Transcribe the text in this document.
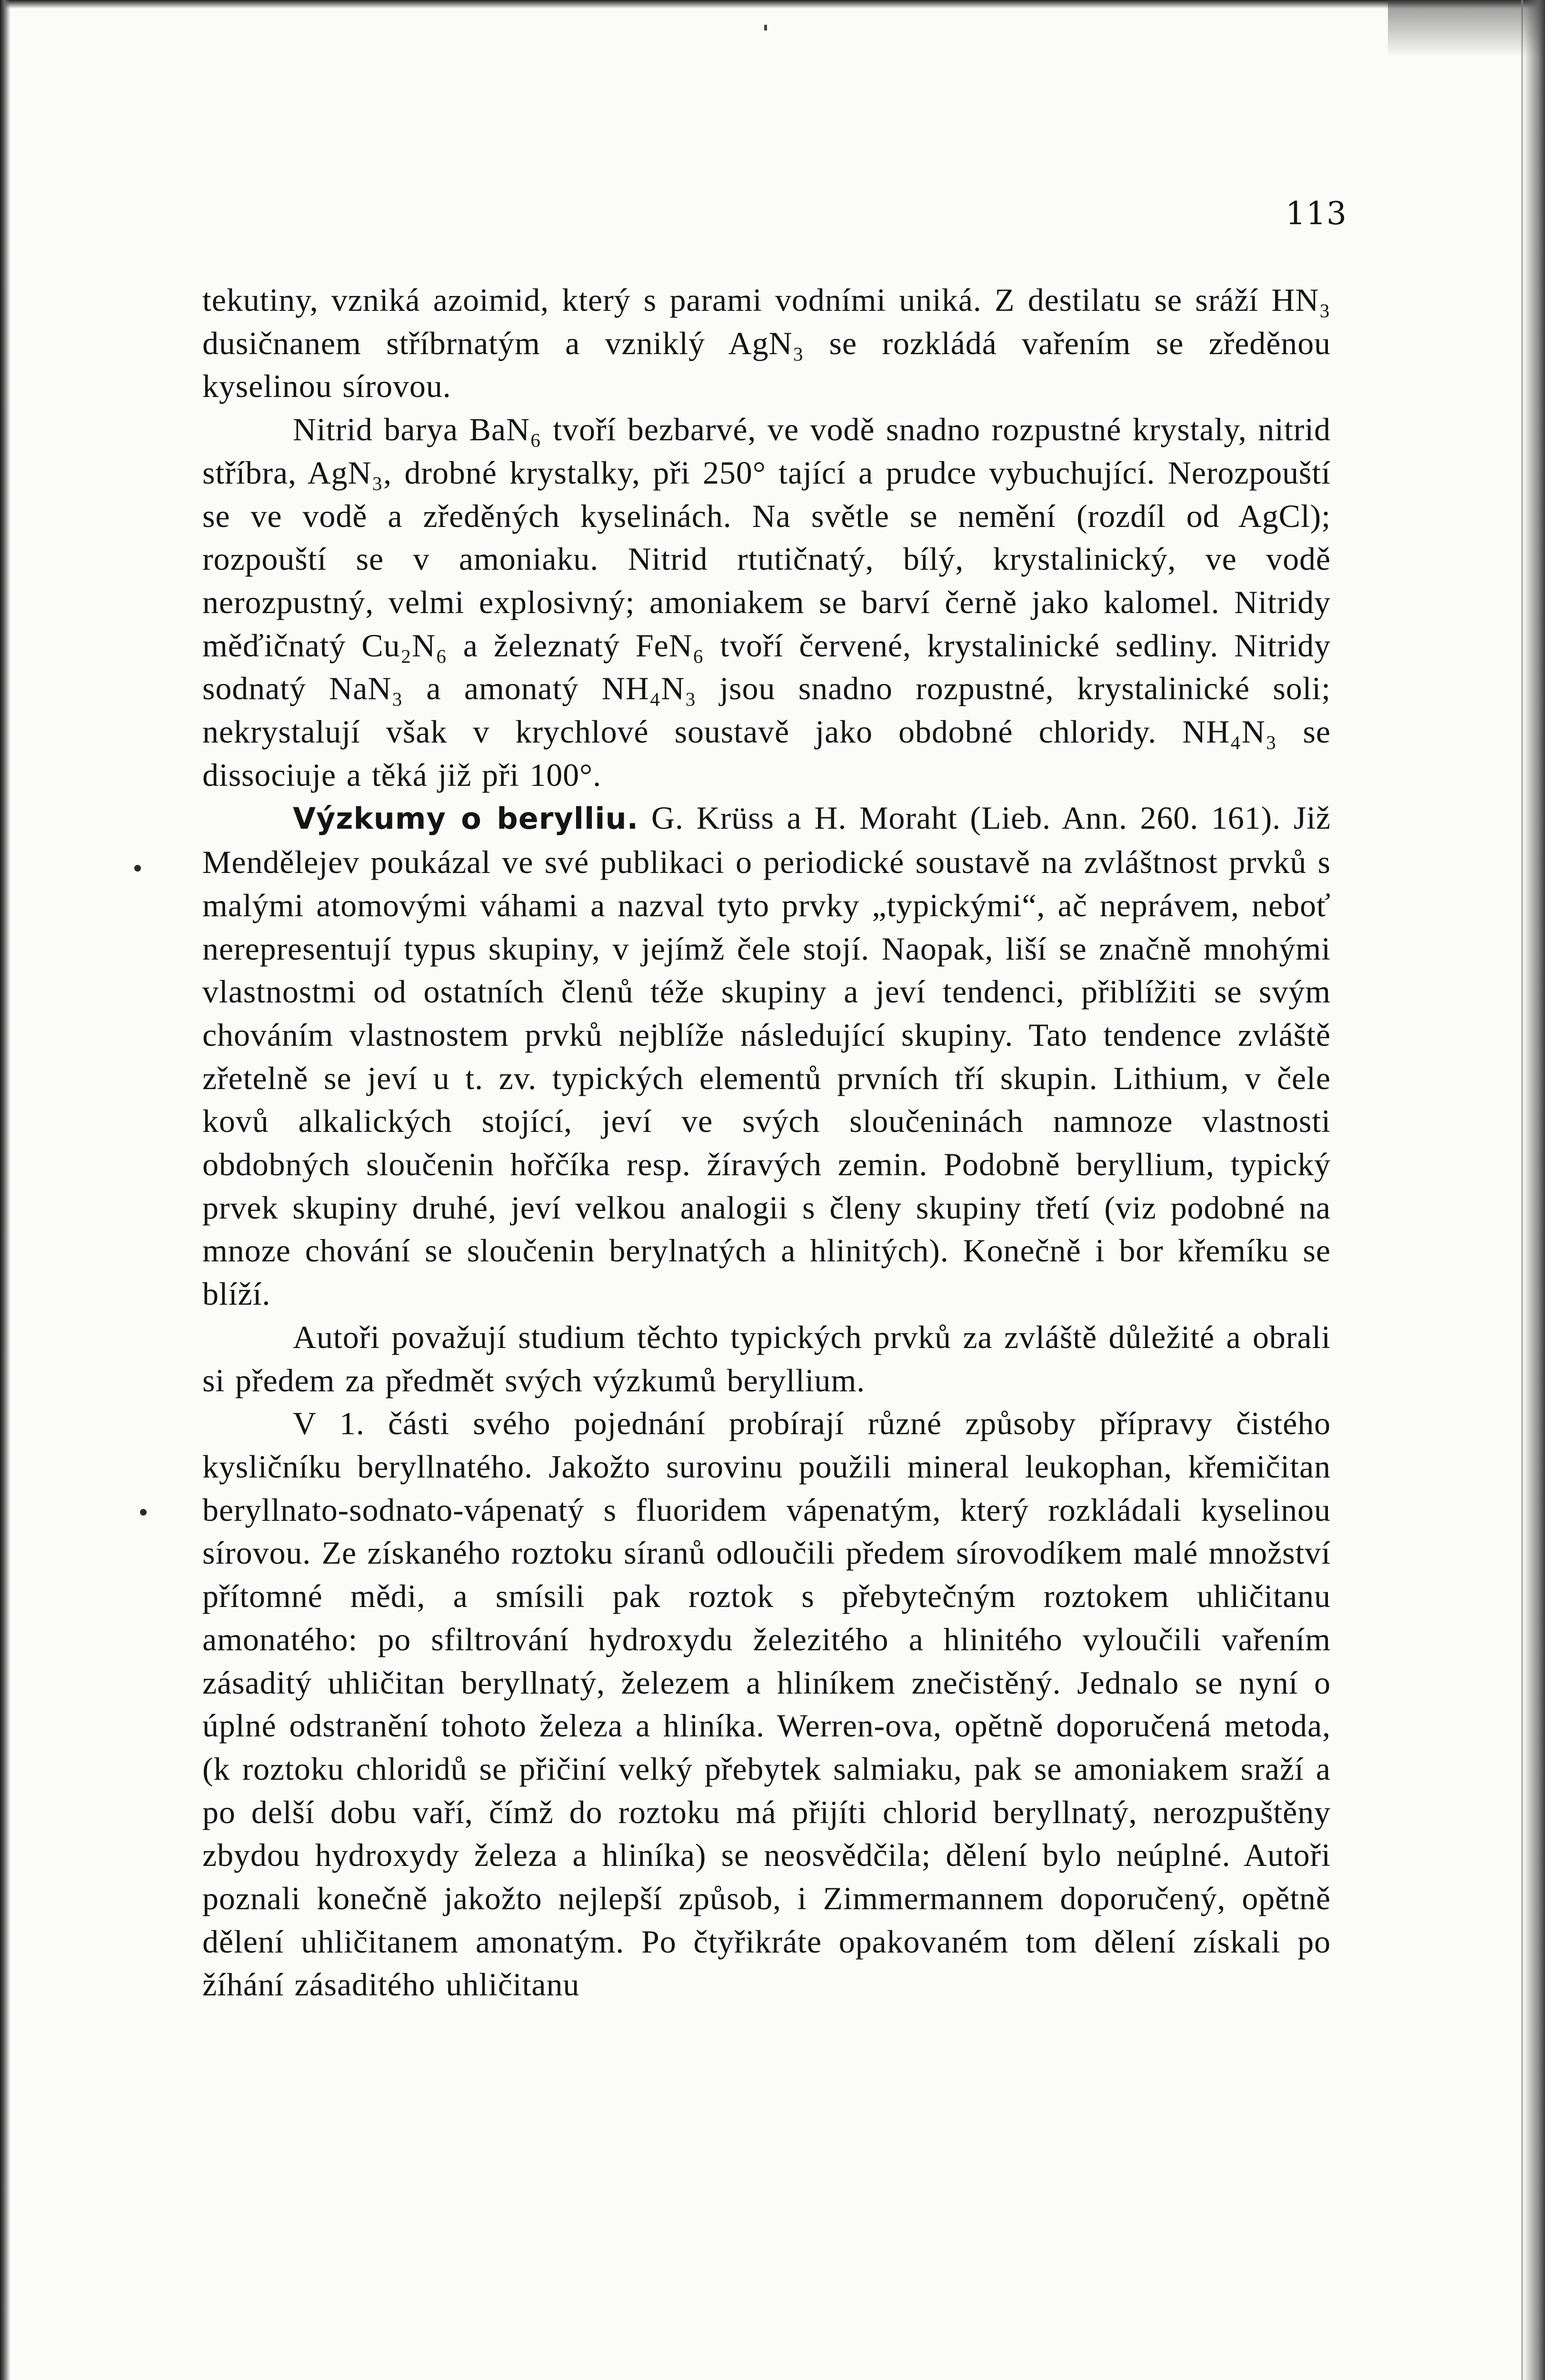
113

tekutiny, vzniká azoimid, který s parami vodními uniká. Z destilatu se sráží HN₃ dusičnanem stříbrnatým a vzniklý AgN₃ se rozkládá vařením se zředěnou kyselinou sírovou.

Nitrid barya BaN₆ tvoří bezbarvé, ve vodě snadno rozpustné krystaly, nitrid stříbra, AgN₃, drobné krystalky, při 250° tající a prudce vybuchující. Nerozpouští se ve vodě a zředěných kyselinách. Na světle se nemění (rozdíl od AgCl); rozpouští se v amoniaku. Nitrid rtutičnatý, bílý, krystalinický, ve vodě nerozpustný, velmi explosivný; amoniakem se barví černě jako kalomel. Nitridy měďičnatý Cu₂N₆ a železnatý FeN₆ tvoří červené, krystalinické sedliny. Nitridy sodnatý NaN₃ a amonatý NH₄N₃ jsou snadno rozpustné, krystalinické soli; nekrystalují však v krychlové soustavě jako obdobné chloridy. NH₄N₃ se dissociuje a těká již při 100°.

Výzkumy o berylliu. G. Krüss a H. Moraht (Lieb. Ann. 260. 161). Již Mendělejev poukázal ve své publikaci o periodické soustavě na zvláštnost prvků s malými atomovými váhami a nazval tyto prvky „typickými“, ač neprávem, neboť nerepresentují typus skupiny, v jejímž čele stojí. Naopak, liší se značně mnohými vlastnostmi od ostatních členů téže skupiny a jeví tendenci, přiblížiti se svým chováním vlastnostem prvků nejblíže následující skupiny. Tato tendence zvláště zřetelně se jeví u t. zv. typických elementů prvních tří skupin. Lithium, v čele kovů alkalických stojící, jeví ve svých sloučeninách namnoze vlastnosti obdobných sloučenin hořčíka resp. žíravých zemin. Podobně beryllium, typický prvek skupiny druhé, jeví velkou analogii s členy skupiny třetí (viz podobné na mnoze chování se sloučenin berylnatých a hlinitých). Konečně i bor křemíku se blíží.

Autoři považují studium těchto typických prvků za zvláště důležité a obrali si předem za předmět svých výzkumů beryllium.

V 1. části svého pojednání probírají různé způsoby přípravy čistého kysličníku beryllnatého. Jakožto surovinu použili mineral leukophan, křemičitan beryllnato-sodnato-vápenatý s fluoridem vápenatým, který rozkládali kyselinou sírovou. Ze získaného roztoku síranů odloučili předem sírovodíkem malé množství přítomné mědi, a smísili pak roztok s přebytečným roztokem uhličitanu amonatého: po sfiltrování hydroxydu železitého a hlinitého vyloučili vařením zásaditý uhličitan beryllnatý, železem a hliníkem znečistěný. Jednalo se nyní o úplné odstranění tohoto železa a hliníka. Werren-ova, opětně doporučená metoda, (k roztoku chloridů se přičiní velký přebytek salmiaku, pak se amoniakem sraží a po delší dobu vaří, čímž do roztoku má přijíti chlorid beryllnatý, nerozpuštěny zbydou hydroxydy železa a hliníka) se neosvědčila; dělení bylo neúplné. Autoři poznali konečně jakožto nejlepší způsob, i Zimmermannem doporučený, opětně dělení uhličitanem amonatým. Po čtyřikráte opakovaném tom dělení získali po žíhání zásaditého uhličitanu
